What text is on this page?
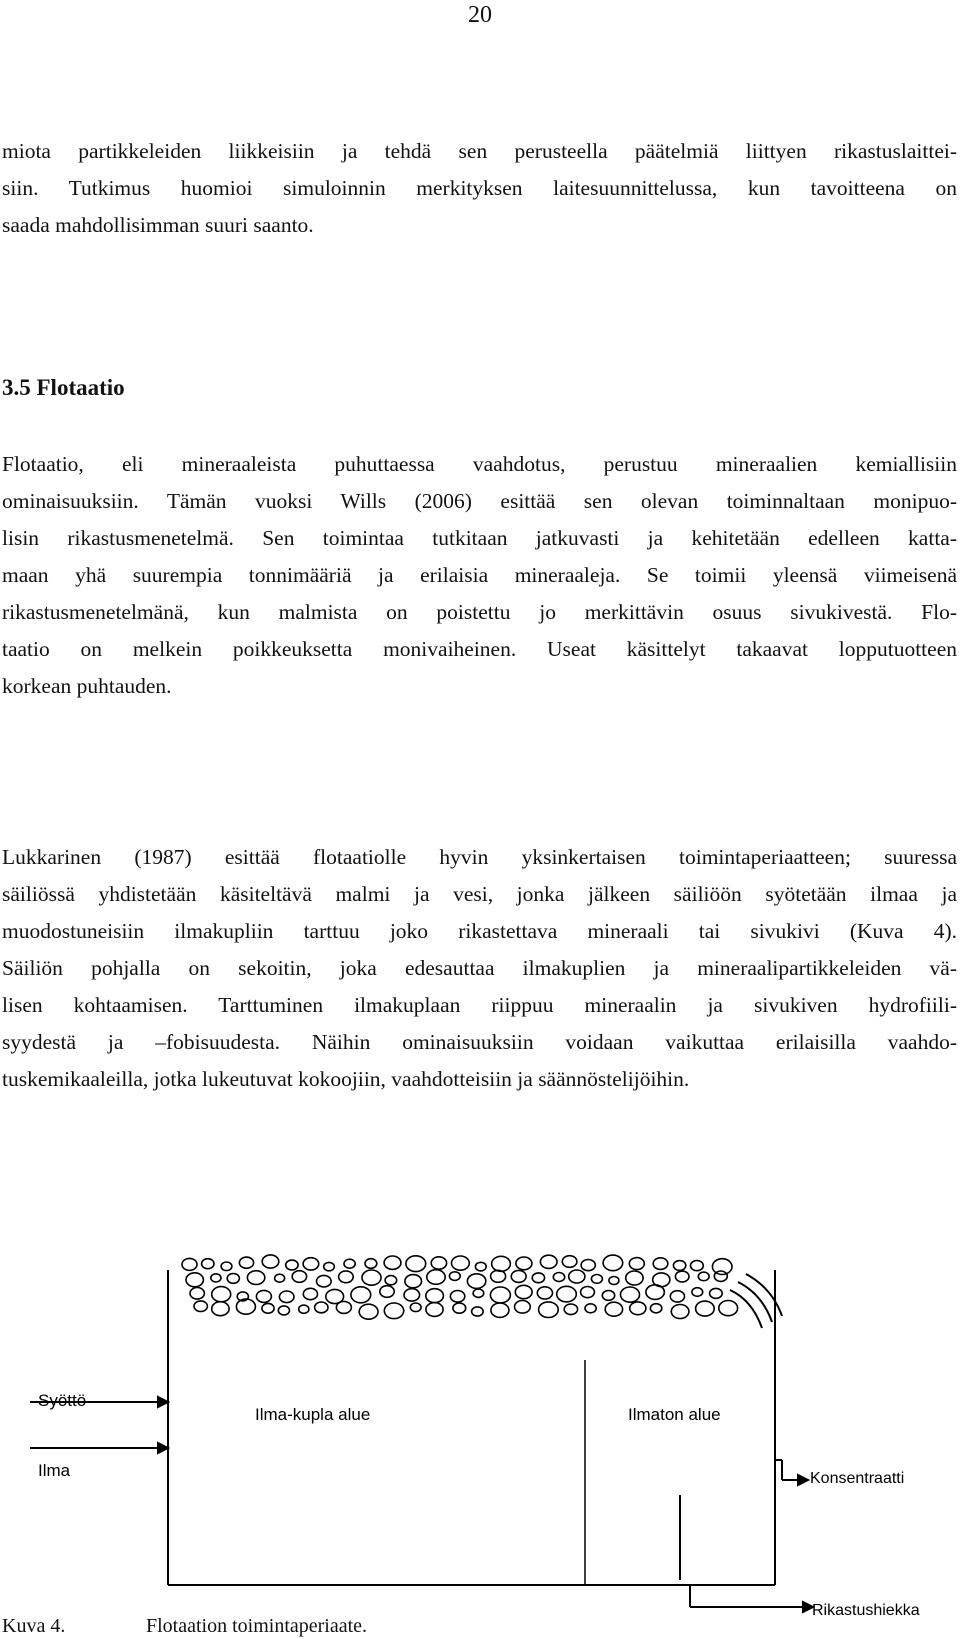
20
miota partikkeleiden liikkeisiin ja tehdä sen perusteella päätelmiä liittyen rikastuslaittei-
siin. Tutkimus huomioi simuloinnin merkityksen laitesuunnittelussa, kun tavoitteena on
saada mahdollisimman suuri saanto.
3.5 Flotaatio
Flotaatio, eli mineraaleista puhuttaessa vaahdotus, perustuu mineraalien kemiallisiin
ominaisuuksiin. Tämän vuoksi Wills (2006) esittää sen olevan toiminnaltaan monipuo-
lisin rikastusmenetelmä. Sen toimintaa tutkitaan jatkuvasti ja kehitetään edelleen katta-
maan yhä suurempia tonnimääriä ja erilaisia mineraaleja. Se toimii yleensä viimeisenä
rikastusmenetelmänä, kun malmista on poistettu jo merkittävin osuus sivukivestä. Flo-
taatio on melkein poikkeuksetta monivaiheinen. Useat käsittelyt takaavat lopputuotteen
korkean puhtauden.
Lukkarinen (1987) esittää flotaatiolle hyvin yksinkertaisen toimintaperiaatteen; suuressa
säiliössä yhdistetään käsiteltävä malmi ja vesi, jonka jälkeen säiliöön syötetään ilmaa ja
muodostuneisiin ilmakupliin tarttuu joko rikastettava mineraali tai sivukivi (Kuva 4).
Säiliön pohjalla on sekoitin, joka edesauttaa ilmakuplien ja mineraalipartikkeleiden vä-
lisen kohtaamisen. Tarttuminen ilmakuplaan riippuu mineraalin ja sivukiven hydrofiili-
syydestä ja –fobisuudesta. Näihin ominaisuuksiin voidaan vaikuttaa erilaisilla vaahdo-
tuskemikaaleilla, jotka lukeutuvat kokoojiin, vaahdotteisiin ja säännöstelijöihin.
Syöttö
Ilma
Ilma-kupla alue	Ilmaton alue
Konsentraatti
Rikastushiekka
Kuva 4.	Flotaation toimintaperiaate.
